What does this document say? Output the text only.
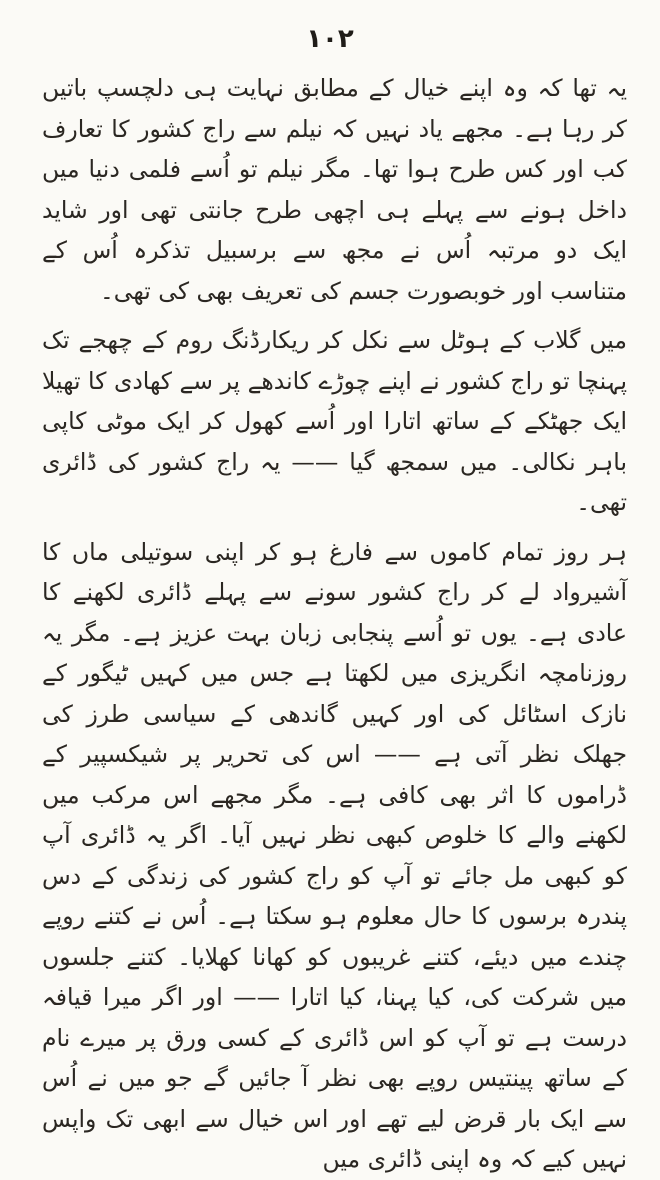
۱۰۲

یہ تھا کہ وہ اپنے خیال کے مطابق نہایت ہی دلچسپ باتیں کر رہا ہے۔ مجھے یاد نہیں کہ نیلم سے راج کشور کا تعارف کب اور کس طرح ہوا تھا۔ مگر نیلم تو اُسے فلمی دنیا میں داخل ہونے سے پہلے ہی اچھی طرح جانتی تھی اور شاید ایک دو مرتبہ اُس نے مجھ سے برسبیل تذکرہ اُس کے متناسب اور خوبصورت جسم کی تعریف بھی کی تھی۔

میں گلاب کے ہوٹل سے نکل کر ریکارڈنگ روم کے چھجے تک پہنچا تو راج کشور نے اپنے چوڑے کاندھے پر سے کھادی کا تھیلا ایک جھٹکے کے ساتھ اتارا اور اُسے کھول کر ایک موٹی کاپی باہر نکالی۔ میں سمجھ گیا —— یہ راج کشور کی ڈائری تھی۔

ہر روز تمام کاموں سے فارغ ہو کر اپنی سوتیلی ماں کا آشیرواد لے کر راج کشور سونے سے پہلے ڈائری لکھنے کا عادی ہے۔ یوں تو اُسے پنجابی زبان بہت عزیز ہے۔ مگر یہ روزنامچہ انگریزی میں لکھتا ہے جس میں کہیں ٹیگور کے نازک اسٹائل کی اور کہیں گاندھی کے سیاسی طرز کی جھلک نظر آتی ہے —— اس کی تحریر پر شیکسپیر کے ڈراموں کا اثر بھی کافی ہے۔ مگر مجھے اس مرکب میں لکھنے والے کا خلوص کبھی نظر نہیں آیا۔ اگر یہ ڈائری آپ کو کبھی مل جائے تو آپ کو راج کشور کی زندگی کے دس پندرہ برسوں کا حال معلوم ہو سکتا ہے۔ اُس نے کتنے روپے چندے میں دیئے، کتنے غریبوں کو کھانا کھلایا۔ کتنے جلسوں میں شرکت کی، کیا پہنا، کیا اتارا —— اور اگر میرا قیافہ درست ہے تو آپ کو اس ڈائری کے کسی ورق پر میرے نام کے ساتھ پینتیس روپے بھی نظر آ جائیں گے جو میں نے اُس سے ایک بار قرض لیے تھے اور اس خیال سے ابھی تک واپس نہیں کیے کہ وہ اپنی ڈائری میں
